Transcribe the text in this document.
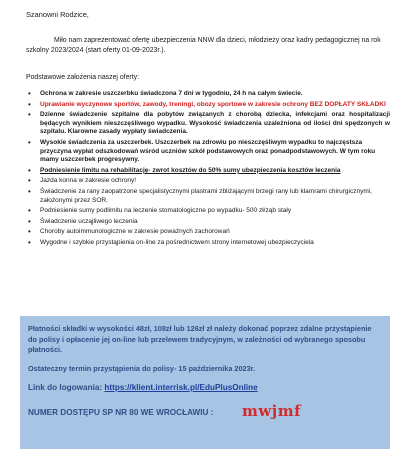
Szanowni Rodzice,
Miło nam zaprezentować ofertę ubezpieczenia NNW dla dzieci, młodzieży oraz kadry pedagogicznej na rok szkolny 2023/2024 (start oferty 01-09-2023r.).
Podstawowe założenia naszej oferty:
• Ochrona w zakresie uszczerbku świadczona 7 dni w tygodniu, 24 h na całym świecie.
• Uprawianie wyczynowe sportów, zawody, treningi, obozy sportowe w zakresie ochrony BEZ DOPŁATY SKŁADKI
• Dzienne świadczenie szpitalne dla pobytów związanych z chorobą dziecka, infekcjami oraz hospitalizacji będących wynikiem nieszczęśliwego wypadku. Wysokość świadczenia uzależniona od ilości dni spędzonych w szpitalu. Klarowne zasady wypłaty świadczenia.
• Wysokie świadczenia za uszczerbek. Uszczerbek na zdrowiu po nieszczęśliwym wypadku to najczęstsza przyczyna wypłat odszkodowań wśród uczniów szkół podstawowych oraz ponadpodstawowych. W tym roku mamy uszczerbek progresywny.
• Podniesienie limitu na rehabilitację- zwrot kosztów do 50% sumy ubezpieczenia kosztów leczenia
• Jazda konna w zakresie ochrony!
• Świadczenie za rany zaopatrzone specjalistycznymi plastrami zbliżającymi brzegi rany lub klamrami chirurgicznymi, założonymi przez SOR.
• Podniesienie sumy podlimitu na leczenie stomatologiczne po wypadku- 500 zł/ząb stały
• Świadczenie ucząjliwego leczenia
• Choroby autoimmunologiczne w zakresie poważnych zachorowań
• Wygodne i szybkie przystąpienia on-line za pośrednictwem strony internetowej ubezpieczyciela
Płatności składki w wysokości 48zł, 108zł lub 126zł zł należy dokonać poprzez zdalne przystąpienie do polisy i opłacenie jej on-line lub przelewem tradycyjnym, w zależności od wybranego sposobu płatności.
Ostateczny termin przystąpienia do polisy- 15 października 2023r.
Link do logowania: https://klient.interrisk.pl/EduPlusOnline
NUMER DOSTĘPU SP NR 80 WE WROCŁAWIU : mwjmf
